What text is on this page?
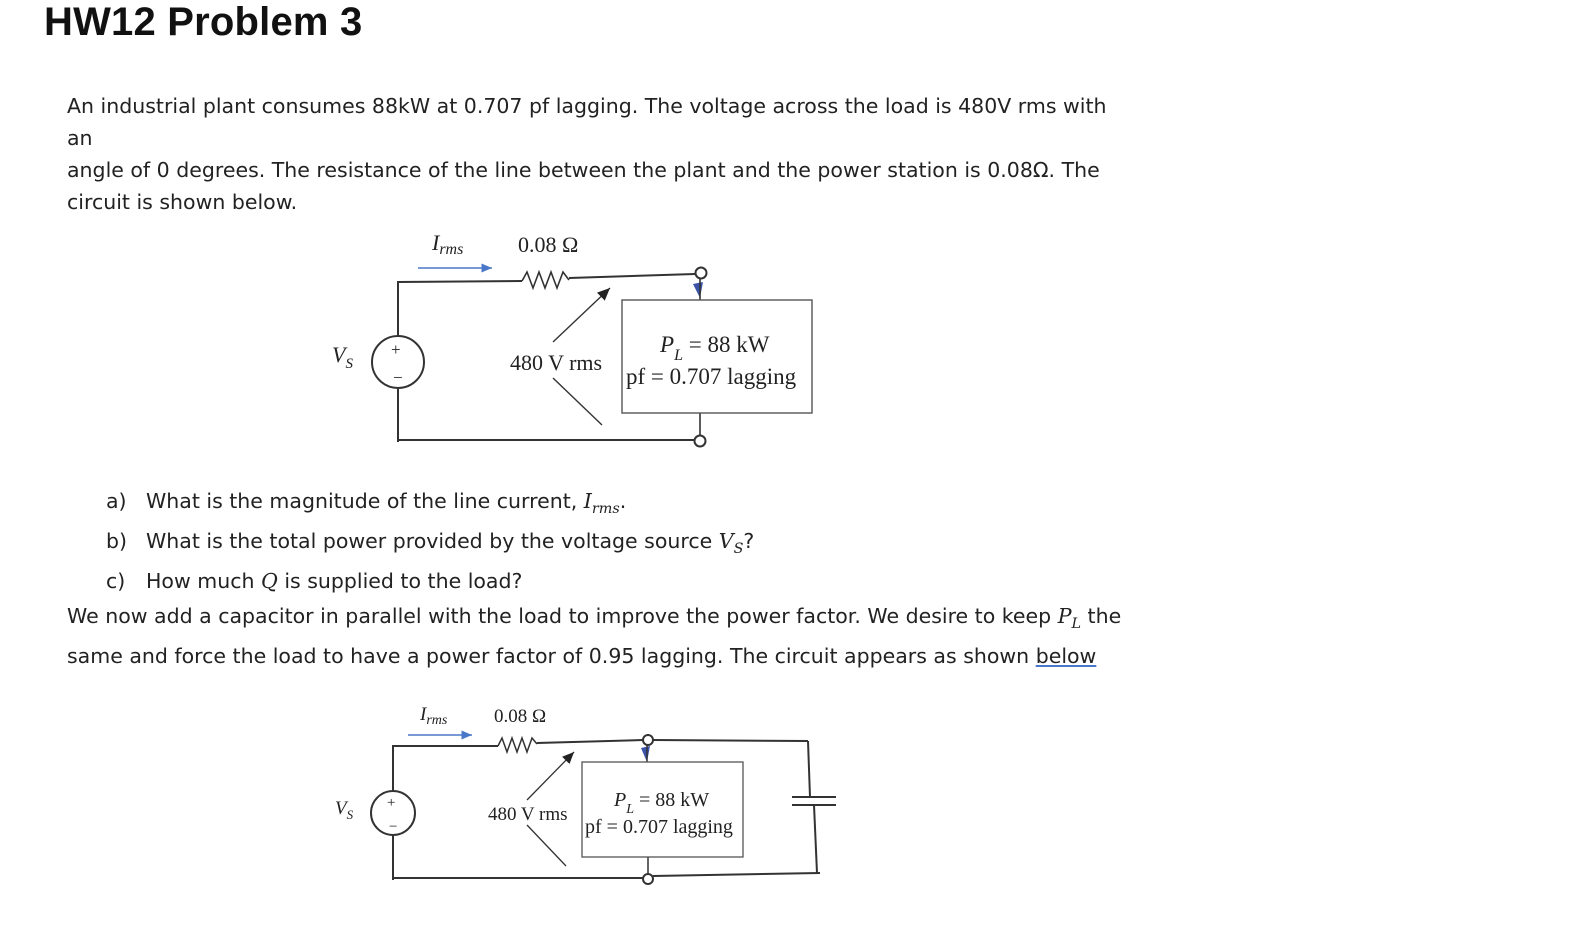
HW12 Problem 3
An industrial plant consumes 88kW at 0.707 pf lagging. The voltage across the load is 480V rms with an
angle of 0 degrees. The resistance of the line between the plant and the power station is 0.08Ω. The
circuit is shown below.
Irms 0.08 Ω
+
−
$V_S$	480 V rms
$P_L = 88$ kW
pf = 0.707 lagging
a) What is the magnitude of the line current, $I_{rms}$.
b) What is the total power provided by the voltage source $V_S$?
c) How much Q is supplied to the load?
We now add a capacitor in parallel with the load to improve the power factor. We desire to keep $P_L$ the
same and force the load to have a power factor of 0.95 lagging. The circuit appears as shown below
$I_{rms}$ 0.08 Ω
+
−
$V_S$	480 V rms
$P_L = 88$ kW
pf = 0.707 lagging
